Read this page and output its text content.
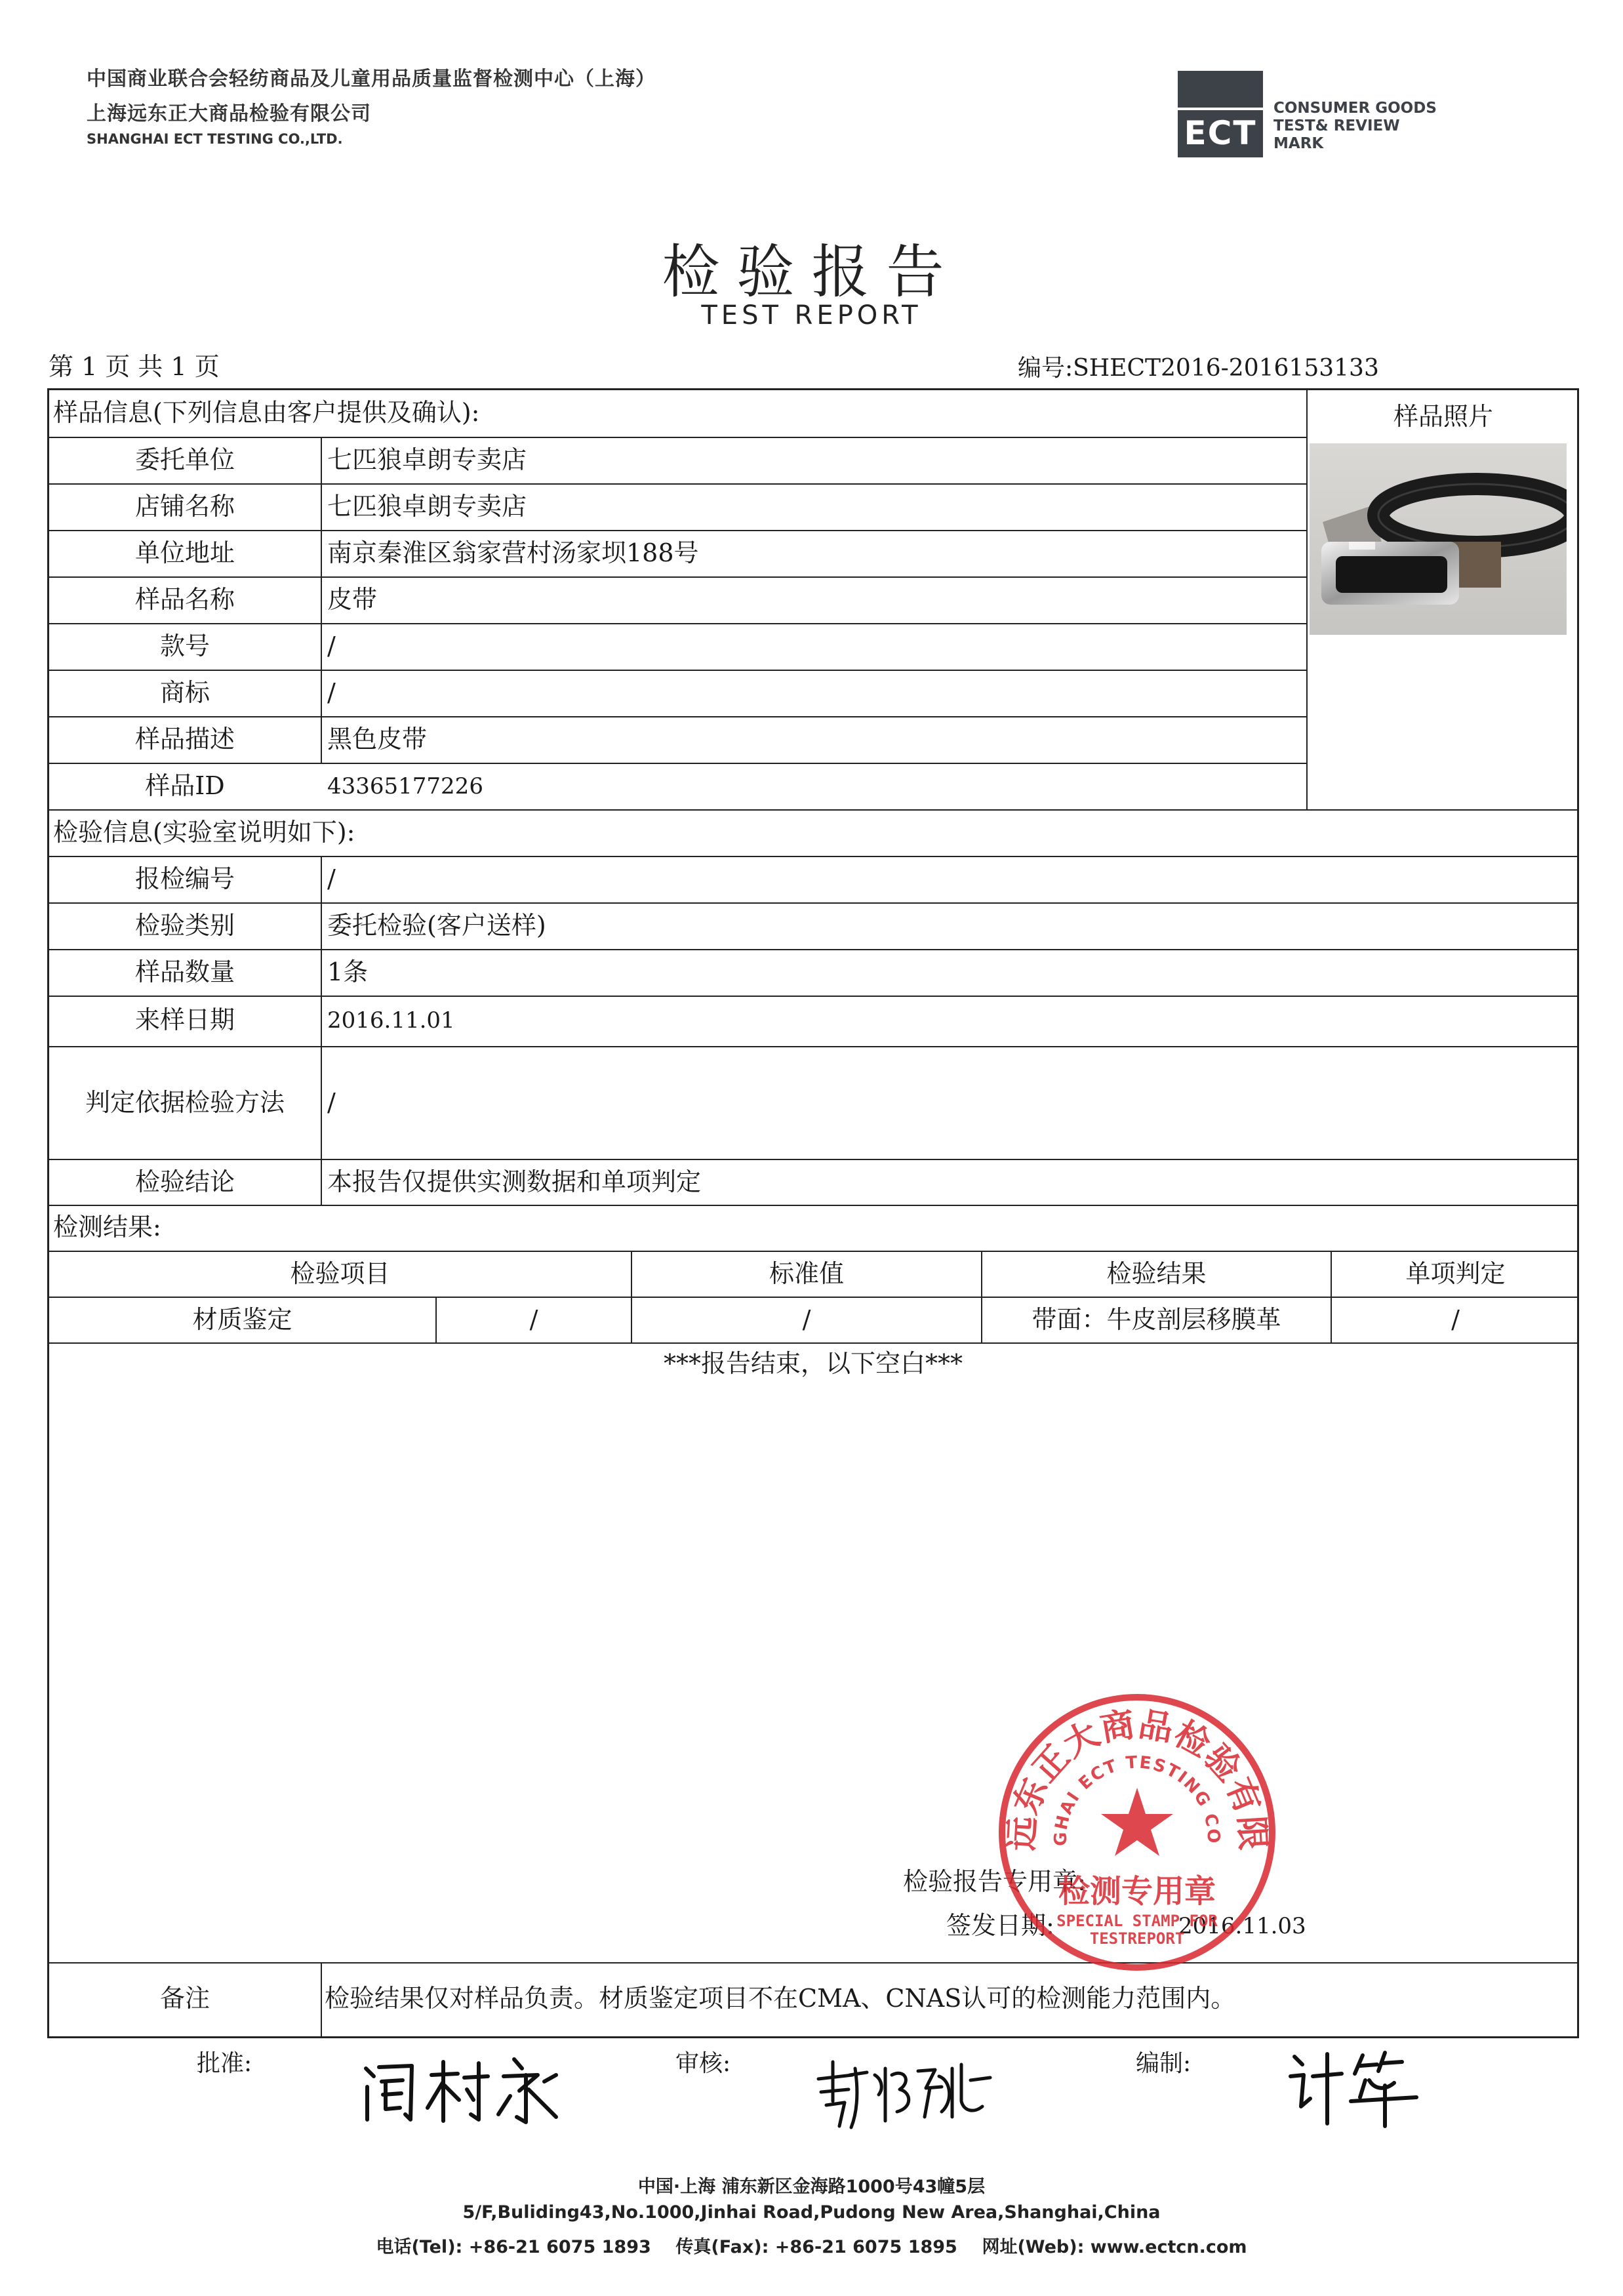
中国商业联合会轻纺商品及儿童用品质量监督检测中心（上海）
上海远东正大商品检验有限公司
SHANGHAI ECT TESTING CO.,LTD.	ECT
CONSUMER GOODS
TEST& REVIEW
MARK
检验报告
TEST REPORT
第 1 页 共 1 页	编号:SHECT2016-2016153133
样品信息(下列信息由客户提供及确认):	样品照片
委托单位	七匹狼卓朗专卖店
店铺名称	七匹狼卓朗专卖店
单位地址	南京秦淮区翁家营村汤家坝188号
样品名称	皮带
款号	/
商标	/
样品描述	黑色皮带
样品ID	43365177226
检验信息(实验室说明如下):
报检编号	/
检验类别	委托检验(客户送样)
样品数量	1条
来样日期	2016.11.01
判定依据检验方法	/
检验结论	本报告仅提供实测数据和单项判定
检测结果:
检验项目	标准值	检验结果	单项判定
材质鉴定	/	/	带面：牛皮剖层移膜革	/
***报告结束，以下空白***
检验报告专用章:
签发日期:	2016.11.03
备注	检验结果仅对样品负责。材质鉴定项目不在CMA、CNAS认可的检测能力范围内。
远东正大商品检验有限
GHAI ECT TESTING CO
检测专用章
SPECIAL STAMP FOR
TESTREPORT
批准:	审核:	编制:
中国·上海 浦东新区金海路1000号43幢5层
5/F,Buliding43,No.1000,Jinhai Road,Pudong New Area,Shanghai,China
电话(Tel): +86-21 6075 1893    传真(Fax): +86-21 6075 1895    网址(Web): www.ectcn.com
